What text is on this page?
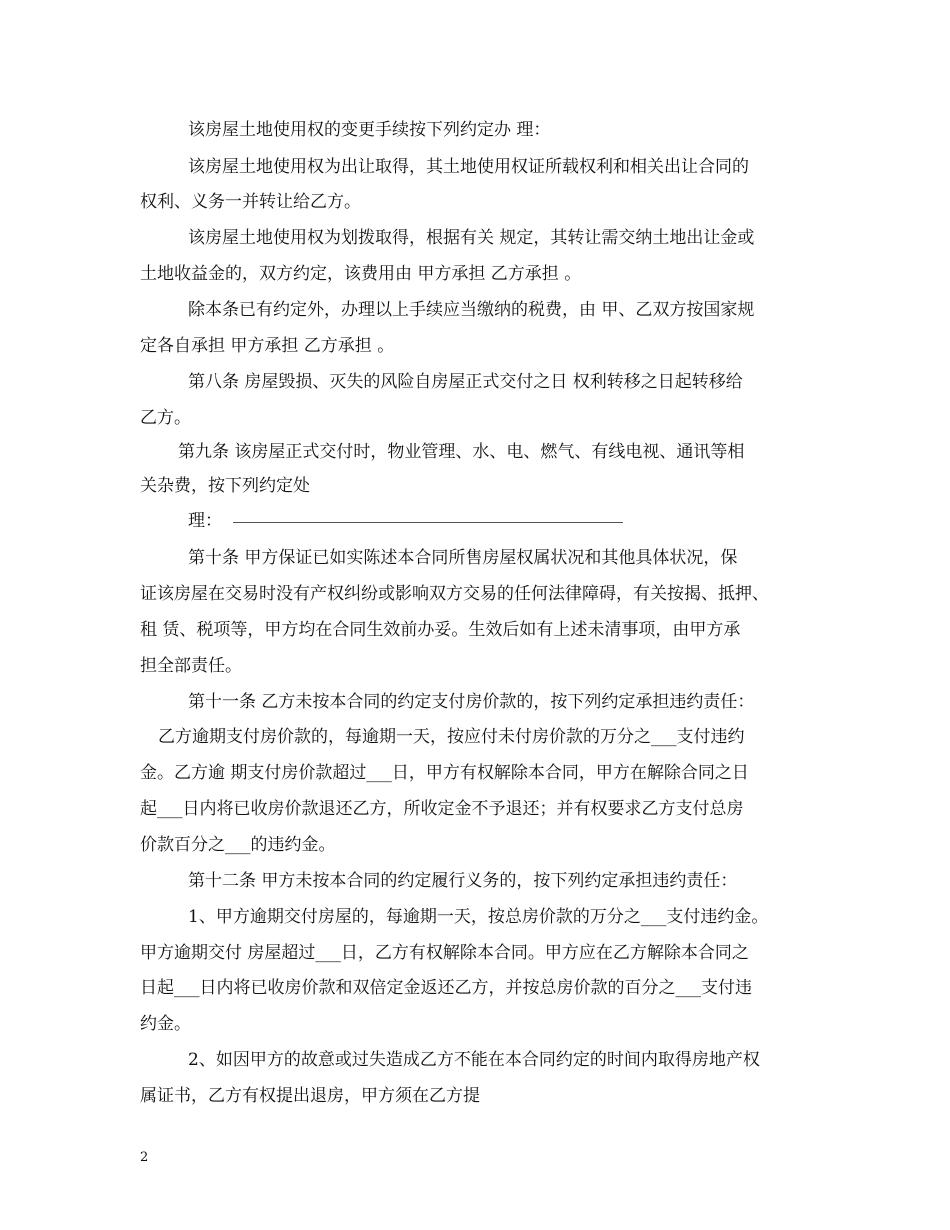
该房屋土地使用权的变更手续按下列约定办 理：
该房屋土地使用权为出让取得，其土地使用权证所载权利和相关出让合同的
权利、义务一并转让给乙方。
该房屋土地使用权为划拨取得，根据有关 规定，其转让需交纳土地出让金或
土地收益金的，双方约定，该费用由 甲方承担 乙方承担 。
除本条已有约定外，办理以上手续应当缴纳的税费，由 甲、乙双方按国家规
定各自承担 甲方承担 乙方承担 。
第八条 房屋毁损、灭失的风险自房屋正式交付之日 权利转移之日起转移给
乙方。
第九条 该房屋正式交付时，物业管理、水、电、燃气、有线电视、通讯等相
关杂费，按下列约定处
理：
第十条 甲方保证已如实陈述本合同所售房屋权属状况和其他具体状况，保
证该房屋在交易时没有产权纠纷或影响双方交易的任何法律障碍，有关按揭、抵押、
租 赁、税项等，甲方均在合同生效前办妥。生效后如有上述未清事项，由甲方承
担全部责任。
第十一条 乙方未按本合同的约定支付房价款的，按下列约定承担违约责任：
乙方逾期支付房价款的，每逾期一天，按应付未付房价款的万分之___支付违约
金。乙方逾 期支付房价款超过___日，甲方有权解除本合同，甲方在解除合同之日
起___日内将已收房价款退还乙方，所收定金不予退还；并有权要求乙方支付总房
价款百分之___的违约金。
第十二条 甲方未按本合同的约定履行义务的，按下列约定承担违约责任：
1、甲方逾期交付房屋的，每逾期一天，按总房价款的万分之___支付违约金。
甲方逾期交付 房屋超过___日，乙方有权解除本合同。甲方应在乙方解除本合同之
日起___日内将已收房价款和双倍定金返还乙方，并按总房价款的百分之___支付违
约金。
2、如因甲方的故意或过失造成乙方不能在本合同约定的时间内取得房地产权
属证书，乙方有权提出退房，甲方须在乙方提
2
